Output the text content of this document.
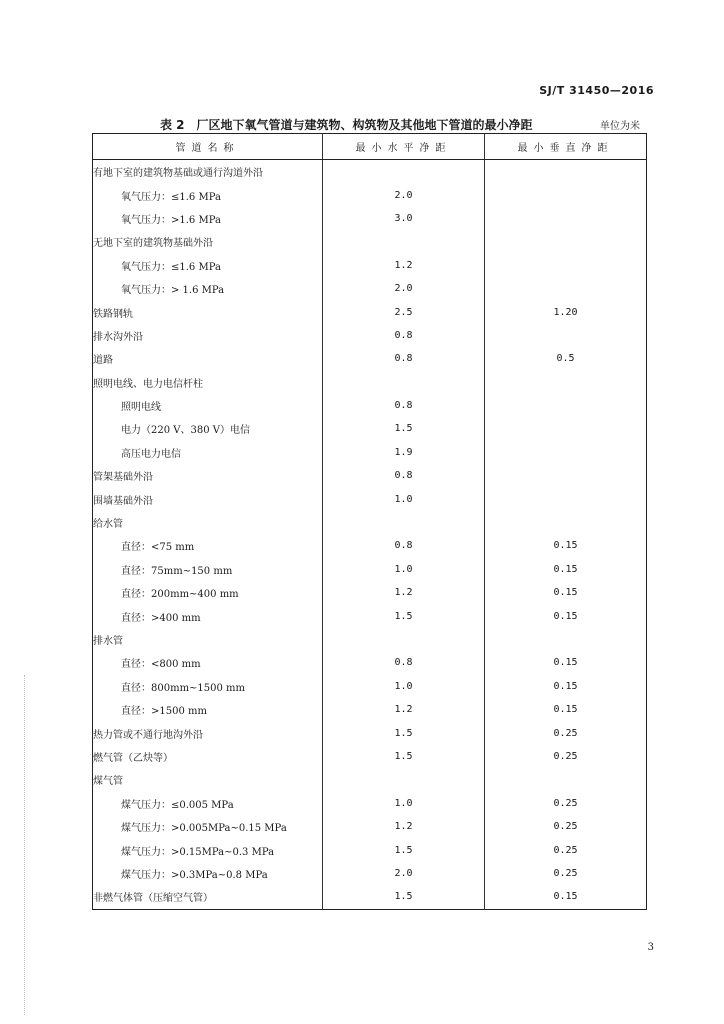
SJ/T 31450—2016
表 2 厂区地下氧气管道与建筑物、构筑物及其他地下管道的最小净距	单位为米
管道名称	最小水平净距	最小垂直净距
有地下室的建筑物基础或通行沟道外沿		
氧气压力：≤1.6 MPa	2.0	
氧气压力：>1.6 MPa	3.0	
无地下室的建筑物基础外沿		
氧气压力：≤1.6 MPa	1.2	
氧气压力：> 1.6 MPa	2.0	
铁路钢轨	2.5	1.20
排水沟外沿	0.8	
道路	0.8	0.5
照明电线、电力电信杆柱		
照明电线	0.8	
电力（220 V、380 V）电信	1.5	
高压电力电信	1.9	
管架基础外沿	0.8	
围墙基础外沿	1.0	
给水管		
直径：<75 mm	0.8	0.15
直径：75mm~150 mm	1.0	0.15
直径：200mm~400 mm	1.2	0.15
直径：>400 mm	1.5	0.15
排水管		
直径：<800 mm	0.8	0.15
直径：800mm~1500 mm	1.0	0.15
直径：>1500 mm	1.2	0.15
热力管或不通行地沟外沿	1.5	0.25
燃气管（乙炔等）	1.5	0.25
煤气管		
煤气压力：≤0.005 MPa	1.0	0.25
煤气压力：>0.005MPa~0.15 MPa	1.2	0.25
煤气压力：>0.15MPa~0.3 MPa	1.5	0.25
煤气压力：>0.3MPa~0.8 MPa	2.0	0.25
非燃气体管（压缩空气管）	1.5	0.15
3
